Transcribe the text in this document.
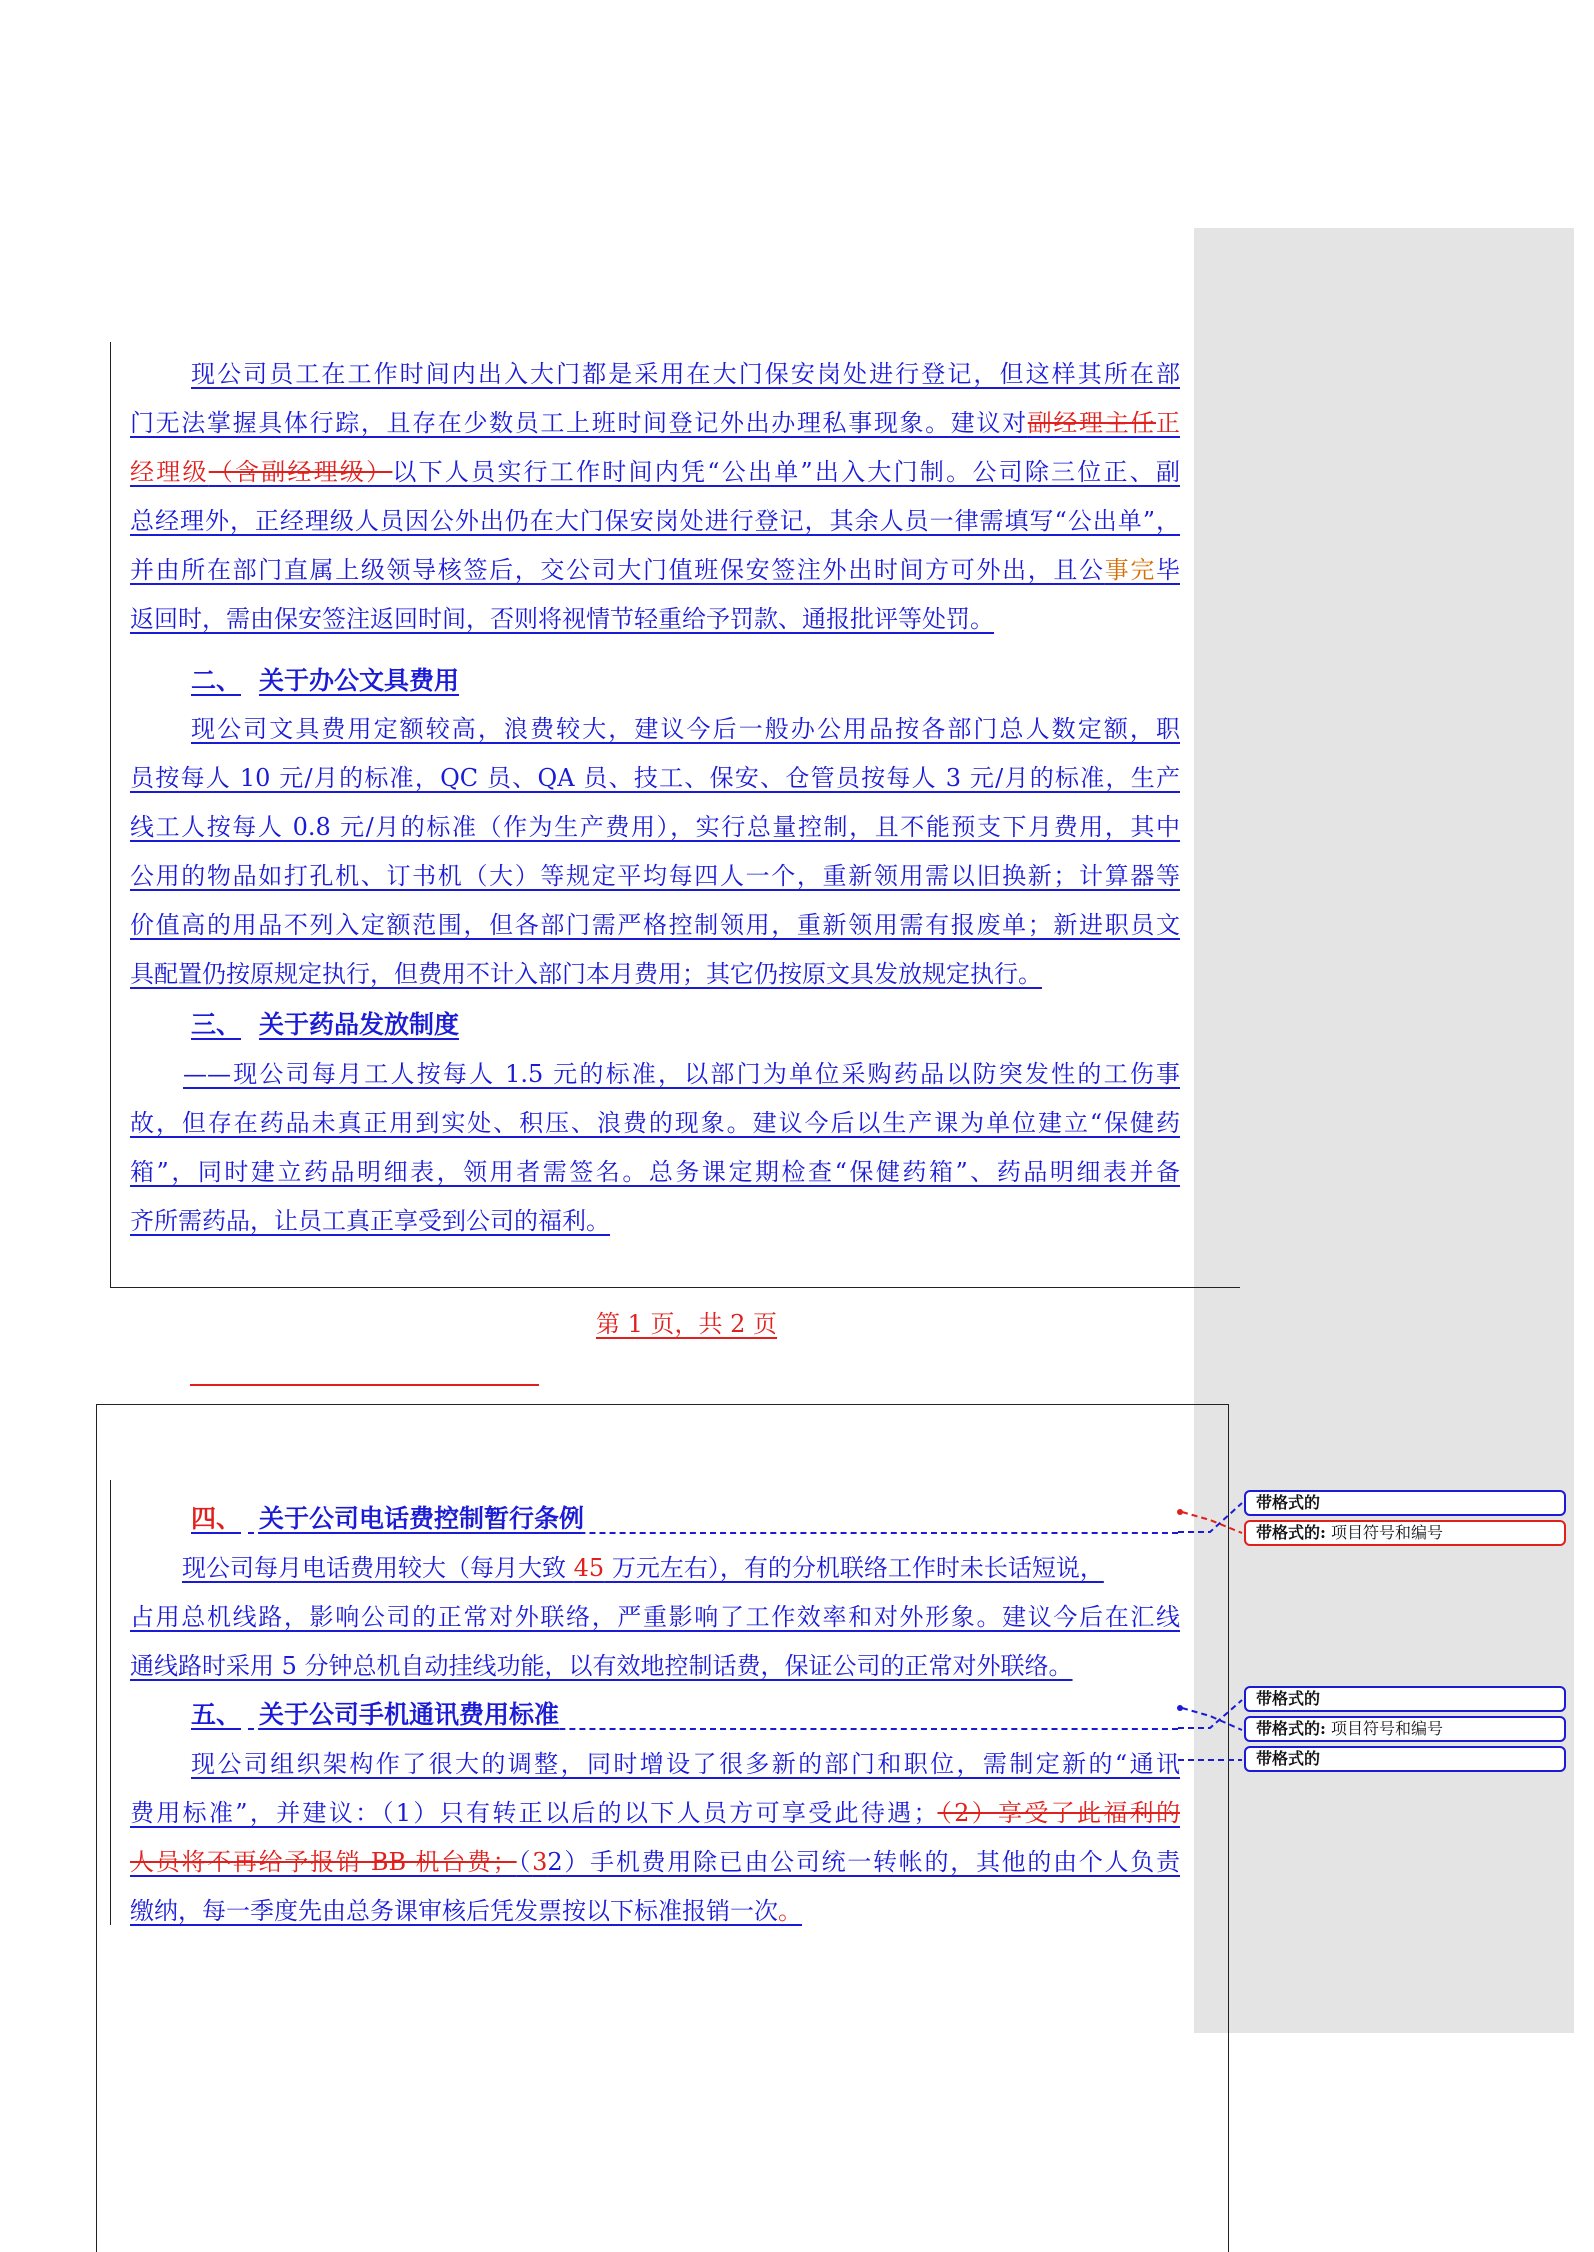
现公司员工在工作时间内出入大门都是采用在大门保安岗处进行登记，但这样其所在部
门无法掌握具体行踪，且存在少数员工上班时间登记外出办理私事现象。建议对副经理主任正
经理级（含副经理级）以下人员实行工作时间内凭“公出单”出入大门制。公司除三位正、副
总经理外，正经理级人员因公外出仍在大门保安岗处进行登记，其余人员一律需填写“公出单”，
并由所在部门直属上级领导核签后，交公司大门值班保安签注外出时间方可外出，且公事完毕
返回时，需由保安签注返回时间，否则将视情节轻重给予罚款、通报批评等处罚。
二、 关于办公文具费用
现公司文具费用定额较高，浪费较大，建议今后一般办公用品按各部门总人数定额，职
员按每人 10 元/月的标准，QC 员、QA 员、技工、保安、仓管员按每人 3 元/月的标准，生产
线工人按每人 0.8 元/月的标准（作为生产费用），实行总量控制，且不能预支下月费用，其中
公用的物品如打孔机、订书机（大）等规定平均每四人一个，重新领用需以旧换新；计算器等
价值高的用品不列入定额范围，但各部门需严格控制领用，重新领用需有报废单；新进职员文
具配置仍按原规定执行，但费用不计入部门本月费用；其它仍按原文具发放规定执行。
三、 关于药品发放制度
——现公司每月工人按每人 1.5 元的标准，以部门为单位采购药品以防突发性的工伤事
故，但存在药品未真正用到实处、积压、浪费的现象。建议今后以生产课为单位建立“保健药
箱”，同时建立药品明细表，领用者需签名。总务课定期检查“保健药箱”、药品明细表并备
齐所需药品，让员工真正享受到公司的福利。
第 1 页，共 2 页
四、 关于公司电话费控制暂行条例
现公司每月电话费用较大（每月大致 45 万元左右），有的分机联络工作时未长话短说，
占用总机线路，影响公司的正常对外联络，严重影响了工作效率和对外形象。建议今后在汇线
通线路时采用 5 分钟总机自动挂线功能，以有效地控制话费，保证公司的正常对外联络。
五、 关于公司手机通讯费用标准
现公司组织架构作了很大的调整，同时增设了很多新的部门和职位，需制定新的“通讯
费用标准”，并建议：（1）只有转正以后的以下人员方可享受此待遇；（2）享受了此福利的
人员将不再给予报销 BB 机台费；（32）手机费用除已由公司统一转帐的，其他的由个人负责
缴纳，每一季度先由总务课审核后凭发票按以下标准报销一次。
带格式的
带格式的: 项目符号和编号
带格式的
带格式的: 项目符号和编号
带格式的
